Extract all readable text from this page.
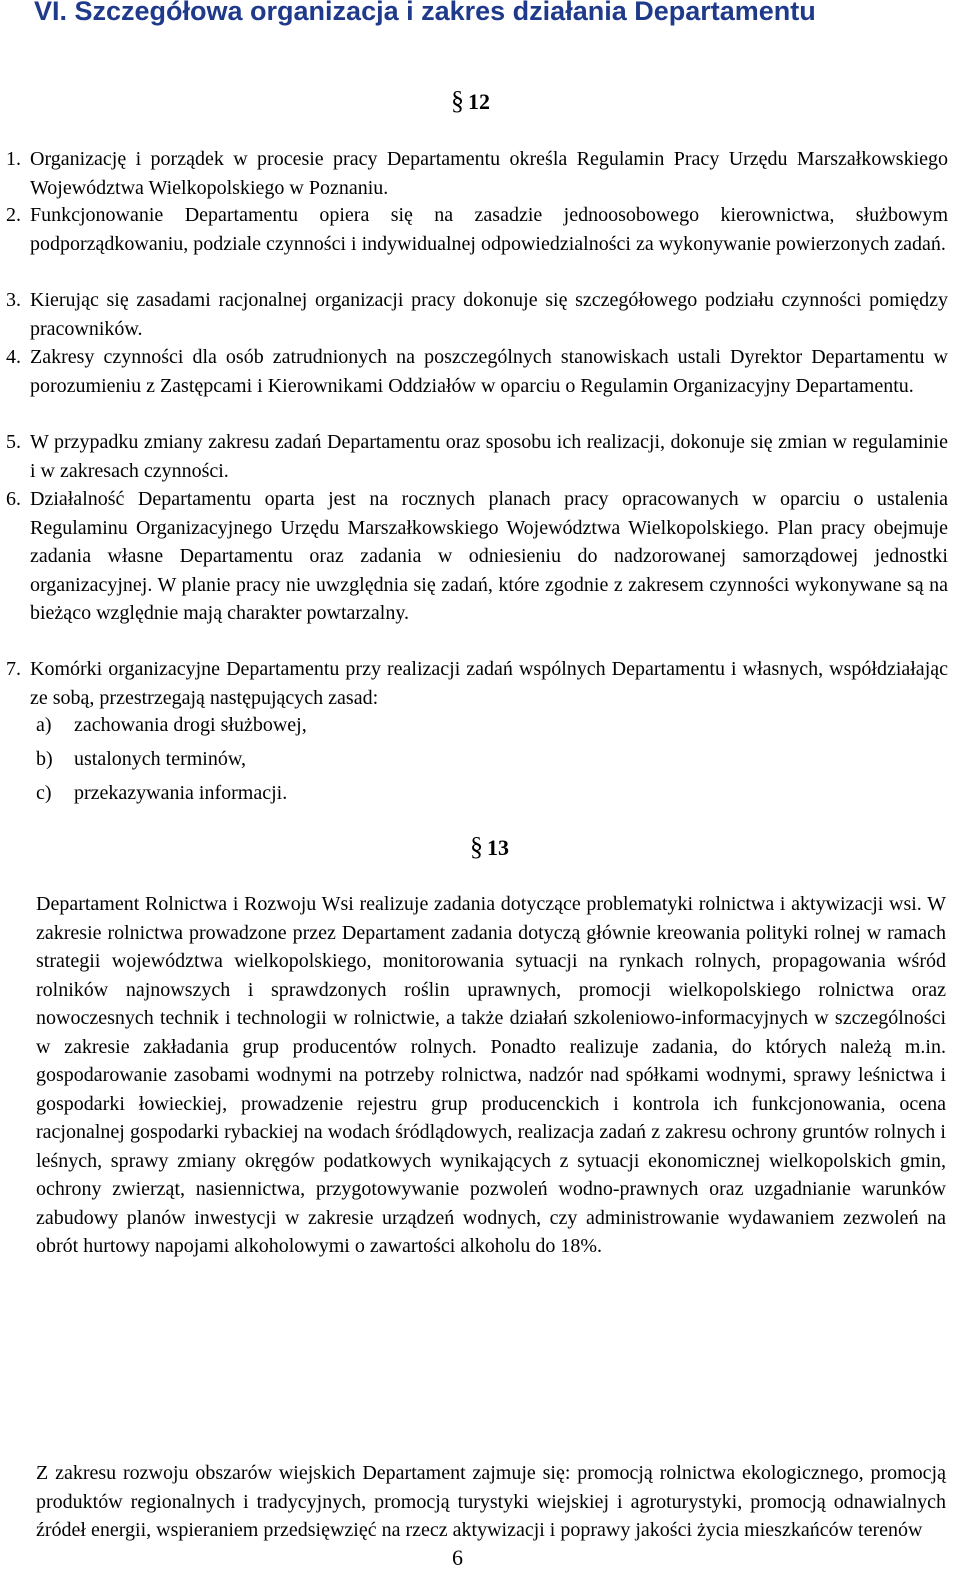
VI. Szczegółowa organizacja i zakres działania Departamentu
§ 12
1. Organizację i porządek w procesie pracy Departamentu określa Regulamin Pracy Urzędu Marszałkowskiego Województwa Wielkopolskiego w Poznaniu.
2. Funkcjonowanie Departamentu opiera się na zasadzie jednoosobowego kierownictwa, służbowym podporządkowaniu, podziale czynności i indywidualnej odpowiedzialności za wykonywanie powierzonych zadań.
3. Kierując się zasadami racjonalnej organizacji pracy dokonuje się szczegółowego podziału czynności pomiędzy pracowników.
4. Zakresy czynności dla osób zatrudnionych na poszczególnych stanowiskach ustali Dyrektor Departamentu w porozumieniu z Zastępcami i Kierownikami Oddziałów w oparciu o Regulamin Organizacyjny Departamentu.
5. W przypadku zmiany zakresu zadań Departamentu oraz sposobu ich realizacji, dokonuje się zmian w regulaminie i w zakresach czynności.
6. Działalność Departamentu oparta jest na rocznych planach pracy opracowanych w oparciu o ustalenia Regulaminu Organizacyjnego Urzędu Marszałkowskiego Województwa Wielkopolskiego. Plan pracy obejmuje zadania własne Departamentu oraz zadania w odniesieniu do nadzorowanej samorządowej jednostki organizacyjnej. W planie pracy nie uwzględnia się zadań, które zgodnie z zakresem czynności wykonywane są na bieżąco względnie mają charakter powtarzalny.
7. Komórki organizacyjne Departamentu przy realizacji zadań wspólnych Departamentu i własnych, współdziałając ze sobą, przestrzegają następujących zasad:
a) zachowania drogi służbowej,
b) ustalonych terminów,
c) przekazywania informacji.
§ 13

Departament Rolnictwa i Rozwoju Wsi realizuje zadania dotyczące problematyki rolnictwa i aktywizacji wsi. W zakresie rolnictwa prowadzone przez Departament zadania dotyczą głównie kreowania polityki rolnej w ramach strategii województwa wielkopolskiego, monitorowania sytuacji na rynkach rolnych, propagowania wśród rolników najnowszych i sprawdzonych roślin uprawnych, promocji wielkopolskiego rolnictwa oraz nowoczesnych technik i technologii w rolnictwie, a także działań szkoleniowo-informacyjnych w szczególności w zakresie zakładania grup producentów rolnych. Ponadto realizuje zadania, do których należą m.in. gospodarowanie zasobami wodnymi na potrzeby rolnictwa, nadzór nad spółkami wodnymi, sprawy leśnictwa i gospodarki łowieckiej, prowadzenie rejestru grup producenckich i kontrola ich funkcjonowania, ocena racjonalnej gospodarki rybackiej na wodach śródlądowych, realizacja zadań z zakresu ochrony gruntów rolnych i leśnych, sprawy zmiany okręgów podatkowych wynikających z sytuacji ekonomicznej wielkopolskich gmin, ochrony zwierząt, nasiennictwa, przygotowywanie pozwoleń wodno-prawnych oraz uzgadnianie warunków zabudowy planów inwestycji w zakresie urządzeń wodnych, czy administrowanie wydawaniem zezwoleń na obrót hurtowy napojami alkoholowymi o zawartości alkoholu do 18%.

Z zakresu rozwoju obszarów wiejskich Departament zajmuje się: promocją rolnictwa ekologicznego, promocją produktów regionalnych i tradycyjnych, promocją turystyki wiejskiej i agroturystyki, promocją odnawialnych źródeł energii, wspieraniem przedsięwzięć na rzecz aktywizacji i poprawy jakości życia mieszkańców terenów

6
